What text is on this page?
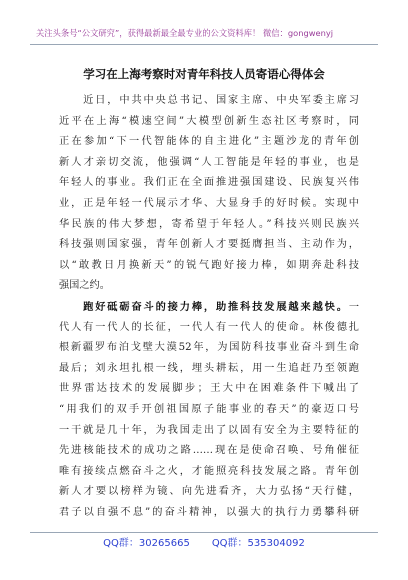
关注头条号“公文研究”，获得最新最全最专业的公文资料库！ 微信：gongwenyj
学习在上海考察时对青年科技人员寄语心得体会
　　近日，中共中央总书记、国家主席、中央军委主席习
近平在上海“模速空间”大模型创新生态社区考察时，同
正在参加“下一代智能体的自主进化”主题沙龙的青年创
新人才亲切交流，他强调“人工智能是年轻的事业，也是
年轻人的事业。我们正在全面推进强国建设、民族复兴伟
业，正是年轻一代展示才华、大显身手的好时候。实现中
华民族的伟大梦想，寄希望于年轻人。”科技兴则民族兴
科技强则国家强，青年创新人才要挺膺担当、主动作为，
以“敢教日月换新天”的锐气跑好接力棒，如期奔赴科技
强国之约。
　　跑好砥砺奋斗的接力棒，助推科技发展越来越快。一
代人有一代人的长征，一代人有一代人的使命。林俊德扎
根新疆罗布泊戈壁大漠52年，为国防科技事业奋斗到生命
最后；刘永坦扎根一线，埋头耕耘，用一生追赶乃至领跑
世界雷达技术的发展脚步；王大中在困难条件下喊出了
“用我们的双手开创祖国原子能事业的春天”的豪迈口号
一干就是几十年，为我国走出了以固有安全为主要特征的
先进核能技术的成功之路……现在是使命召唤、号角催征
唯有接续点燃奋斗之火，才能照亮科技发展之路。青年创
新人才要以榜样为镜、向先进看齐，大力弘扬“天行健，
君子以自强不息”的奋斗精神，以强大的执行力勇攀科研
QQ群：30265665 QQ群：535304092
